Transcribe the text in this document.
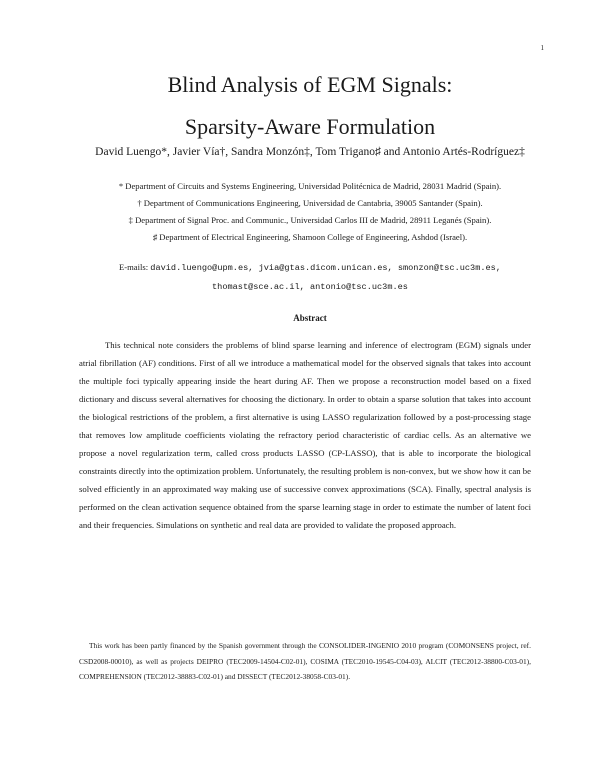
1
Blind Analysis of EGM Signals:
Sparsity-Aware Formulation
David Luengo*, Javier Vía†, Sandra Monzón‡, Tom Trigano♯ and Antonio Artés-Rodríguez‡
* Department of Circuits and Systems Engineering, Universidad Politécnica de Madrid, 28031 Madrid (Spain).
† Department of Communications Engineering, Universidad de Cantabria, 39005 Santander (Spain).
‡ Department of Signal Proc. and Communic., Universidad Carlos III de Madrid, 28911 Leganés (Spain).
♯ Department of Electrical Engineering, Shamoon College of Engineering, Ashdod (Israel).
E-mails: david.luengo@upm.es, jvia@gtas.dicom.unican.es, smonzon@tsc.uc3m.es,
thomast@sce.ac.il, antonio@tsc.uc3m.es
Abstract
This technical note considers the problems of blind sparse learning and inference of electrogram (EGM) signals under atrial fibrillation (AF) conditions. First of all we introduce a mathematical model for the observed signals that takes into account the multiple foci typically appearing inside the heart during AF. Then we propose a reconstruction model based on a fixed dictionary and discuss several alternatives for choosing the dictionary. In order to obtain a sparse solution that takes into account the biological restrictions of the problem, a first alternative is using LASSO regularization followed by a post-processing stage that removes low amplitude coefficients violating the refractory period characteristic of cardiac cells. As an alternative we propose a novel regularization term, called cross products LASSO (CP-LASSO), that is able to incorporate the biological constraints directly into the optimization problem. Unfortunately, the resulting problem is non-convex, but we show how it can be solved efficiently in an approximated way making use of successive convex approximations (SCA). Finally, spectral analysis is performed on the clean activation sequence obtained from the sparse learning stage in order to estimate the number of latent foci and their frequencies. Simulations on synthetic and real data are provided to validate the proposed approach.
This work has been partly financed by the Spanish government through the CONSOLIDER-INGENIO 2010 program (COMONSENS project, ref. CSD2008-00010), as well as projects DEIPRO (TEC2009-14504-C02-01), COSIMA (TEC2010-19545-C04-03), ALCIT (TEC2012-38800-C03-01), COMPREHENSION (TEC2012-38883-C02-01) and DISSECT (TEC2012-38058-C03-01).
